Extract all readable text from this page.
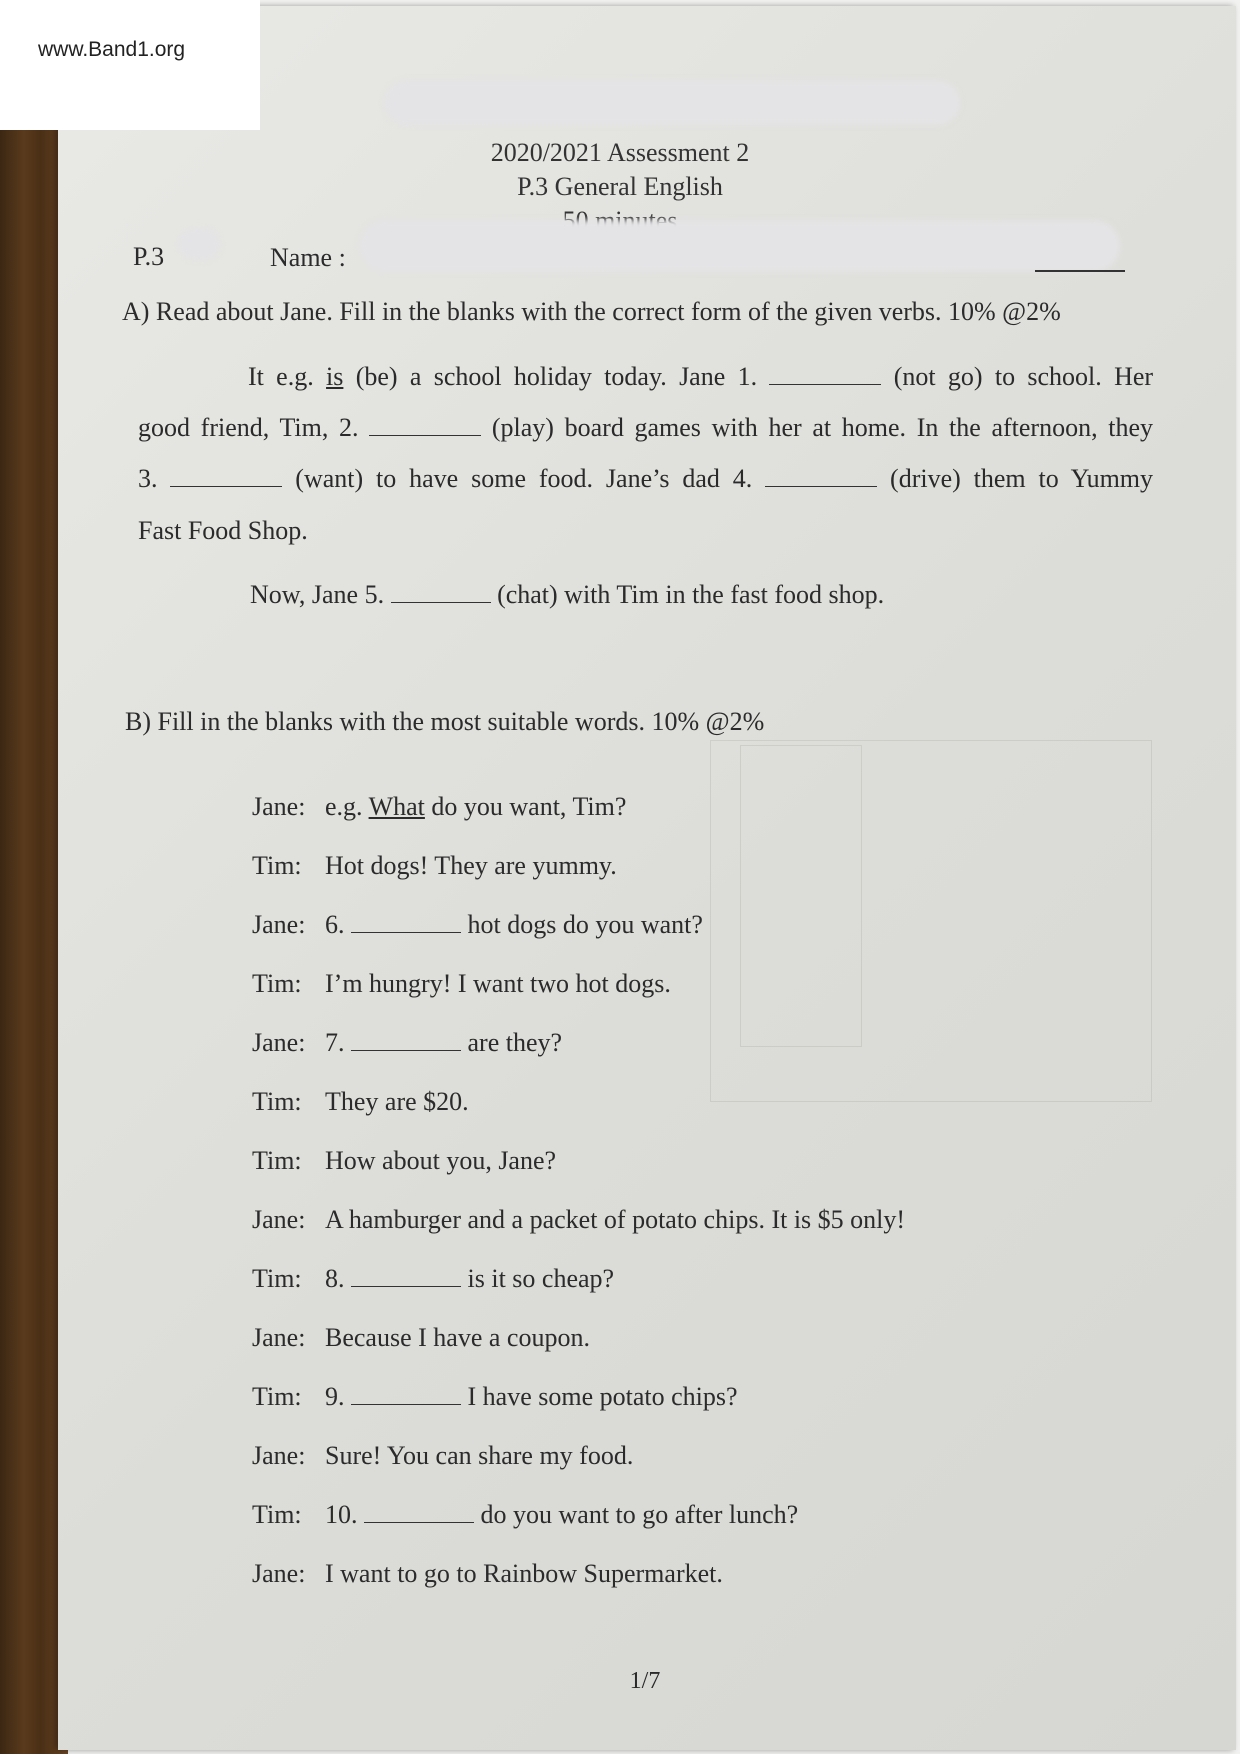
www.Band1.org
2020/2021 Assessment 2
P.3 General English
P.3	Name :
A) Read about Jane. Fill in the blanks with the correct form of the given verbs. 10% @2%
It e.g. is (be) a school holiday today. Jane 1.	(not go) to school. Her
good friend, Tim, 2.	(play) board games with her at home. In the afternoon, they
3.	(want) to have some food. Jane’s dad 4.	(drive) them to Yummy
Fast Food Shop.
Now, Jane 5.	(chat) with Tim in the fast food shop.
B) Fill in the blanks with the most suitable words. 10% @2%
Jane: e.g. What do you want, Tim?
Tim: Hot dogs! They are yummy.
Jane: 6.	hot dogs do you want?
Tim: I’m hungry! I want two hot dogs.
Jane: 7.	are they?
Tim: They are $20.
Tim: How about you, Jane?
Jane: A hamburger and a packet of potato chips. It is $5 only!
Tim: 8.	is it so cheap?
Jane: Because I have a coupon.
Tim: 9.	I have some potato chips?
Jane: Sure! You can share my food.
Tim: 10.	do you want to go after lunch?
Jane: I want to go to Rainbow Supermarket.
1/7
